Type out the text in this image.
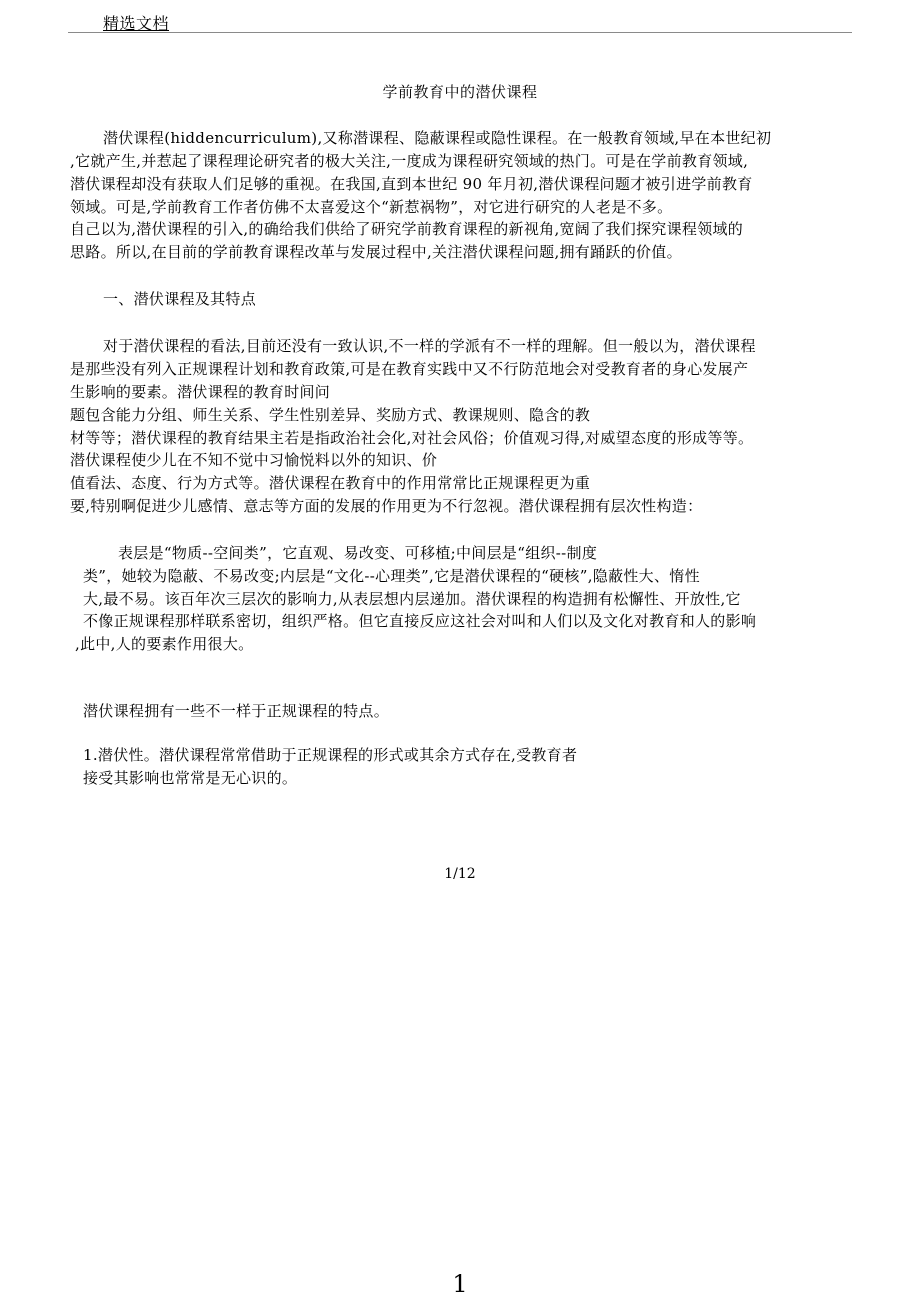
精选文档
学前教育中的潜伏课程
潜伏课程(hiddencurriculum),又称潜课程、隐蔽课程或隐性课程。在一般教育领域,早在本世纪初
,它就产生,并惹起了课程理论研究者的极大关注,一度成为课程研究领域的热门。可是在学前教育领域,
潜伏课程却没有获取人们足够的重视。在我国,直到本世纪 90 年月初,潜伏课程问题才被引进学前教育
领域。可是,学前教育工作者仿佛不太喜爱这个“新惹祸物”，对它进行研究的人老是不多。
自己以为,潜伏课程的引入,的确给我们供给了研究学前教育课程的新视角,宽阔了我们探究课程领域的
思路。所以,在目前的学前教育课程改革与发展过程中,关注潜伏课程问题,拥有踊跃的价值。
一、潜伏课程及其特点
对于潜伏课程的看法,目前还没有一致认识,不一样的学派有不一样的理解。但一般以为，潜伏课程
是那些没有列入正规课程计划和教育政策,可是在教育实践中又不行防范地会对受教育者的身心发展产
生影响的要素。潜伏课程的教育时间问
题包含能力分组、师生关系、学生性别差异、奖励方式、教课规则、隐含的教
材等等；潜伏课程的教育结果主若是指政治社会化,对社会风俗；价值观习得,对威望态度的形成等等。
潜伏课程使少儿在不知不觉中习愉悦料以外的知识、价
值看法、态度、行为方式等。潜伏课程在教育中的作用常常比正规课程更为重
要,特别啊促进少儿感情、意志等方面的发展的作用更为不行忽视。潜伏课程拥有层次性构造：
表层是“物质--空间类”，它直观、易改变、可移植;中间层是“组织--制度
类”，她较为隐蔽、不易改变;内层是“文化--心理类”,它是潜伏课程的“硬核”,隐蔽性大、惰性
大,最不易。该百年次三层次的影响力,从表层想内层递加。潜伏课程的构造拥有松懈性、开放性,它
不像正规课程那样联系密切，组织严格。但它直接反应这社会对叫和人们以及文化对教育和人的影响
,此中,人的要素作用很大。
潜伏课程拥有一些不一样于正规课程的特点。
1.潜伏性。潜伏课程常常借助于正规课程的形式或其余方式存在,受教育者
接受其影响也常常是无心识的。
1/12
1
